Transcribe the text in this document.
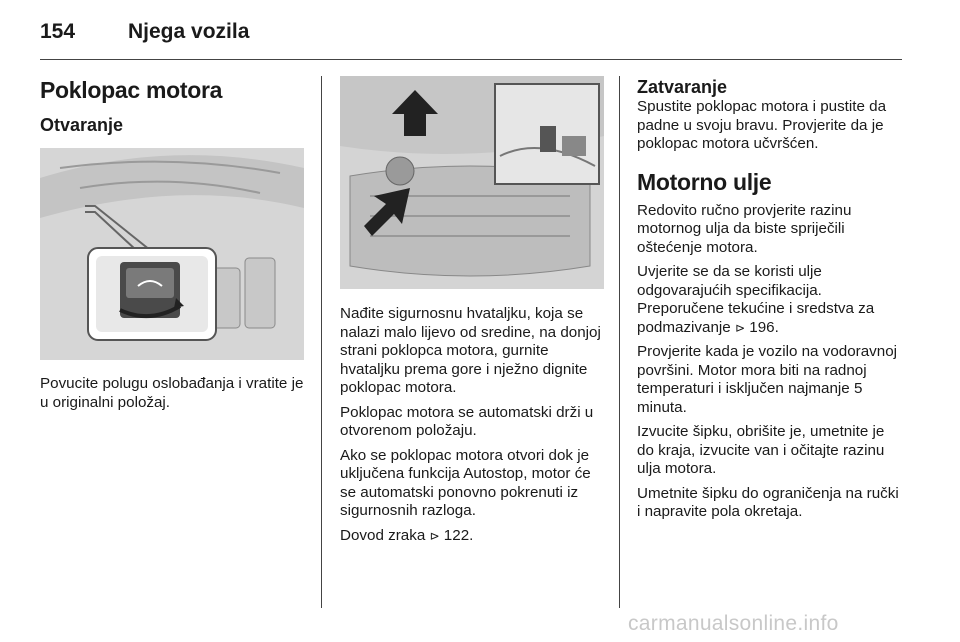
154	Njega vozila
Poklopac motora
Otvaranje

Povucite polugu oslobađanja i vratite je u originalni položaj.

Nađite sigurnosnu hvataljku, koja se nalazi malo lijevo od sredine, na donjoj strani poklopca motora, gurnite hvataljku prema gore i nježno dignite poklopac motora.

Poklopac motora se automatski drži u otvorenom položaju.

Ako se poklopac motora otvori dok je uključena funkcija Autostop, motor će se automatski ponovno pokrenuti iz sigurnosnih razloga.

Dovod zraka ⊳ 122.

Zatvaranje

Spustite poklopac motora i pustite da padne u svoju bravu. Provjerite da je poklopac motora učvršćen.

Motorno ulje

Redovito ručno provjerite razinu motornog ulja da biste spriječili oštećenje motora.

Uvjerite se da se koristi ulje odgovarajućih specifikacija. Preporučene tekućine i sredstva za podmazivanje ⊳ 196.

Provjerite kada je vozilo na vodoravnoj površini. Motor mora biti na radnoj temperaturi i isključen najmanje 5 minuta.

Izvucite šipku, obrišite je, umetnite je do kraja, izvucite van i očitajte razinu ulja motora.

Umetnite šipku do ograničenja na ručki i napravite pola okretaja.

carmanualsonline.info
